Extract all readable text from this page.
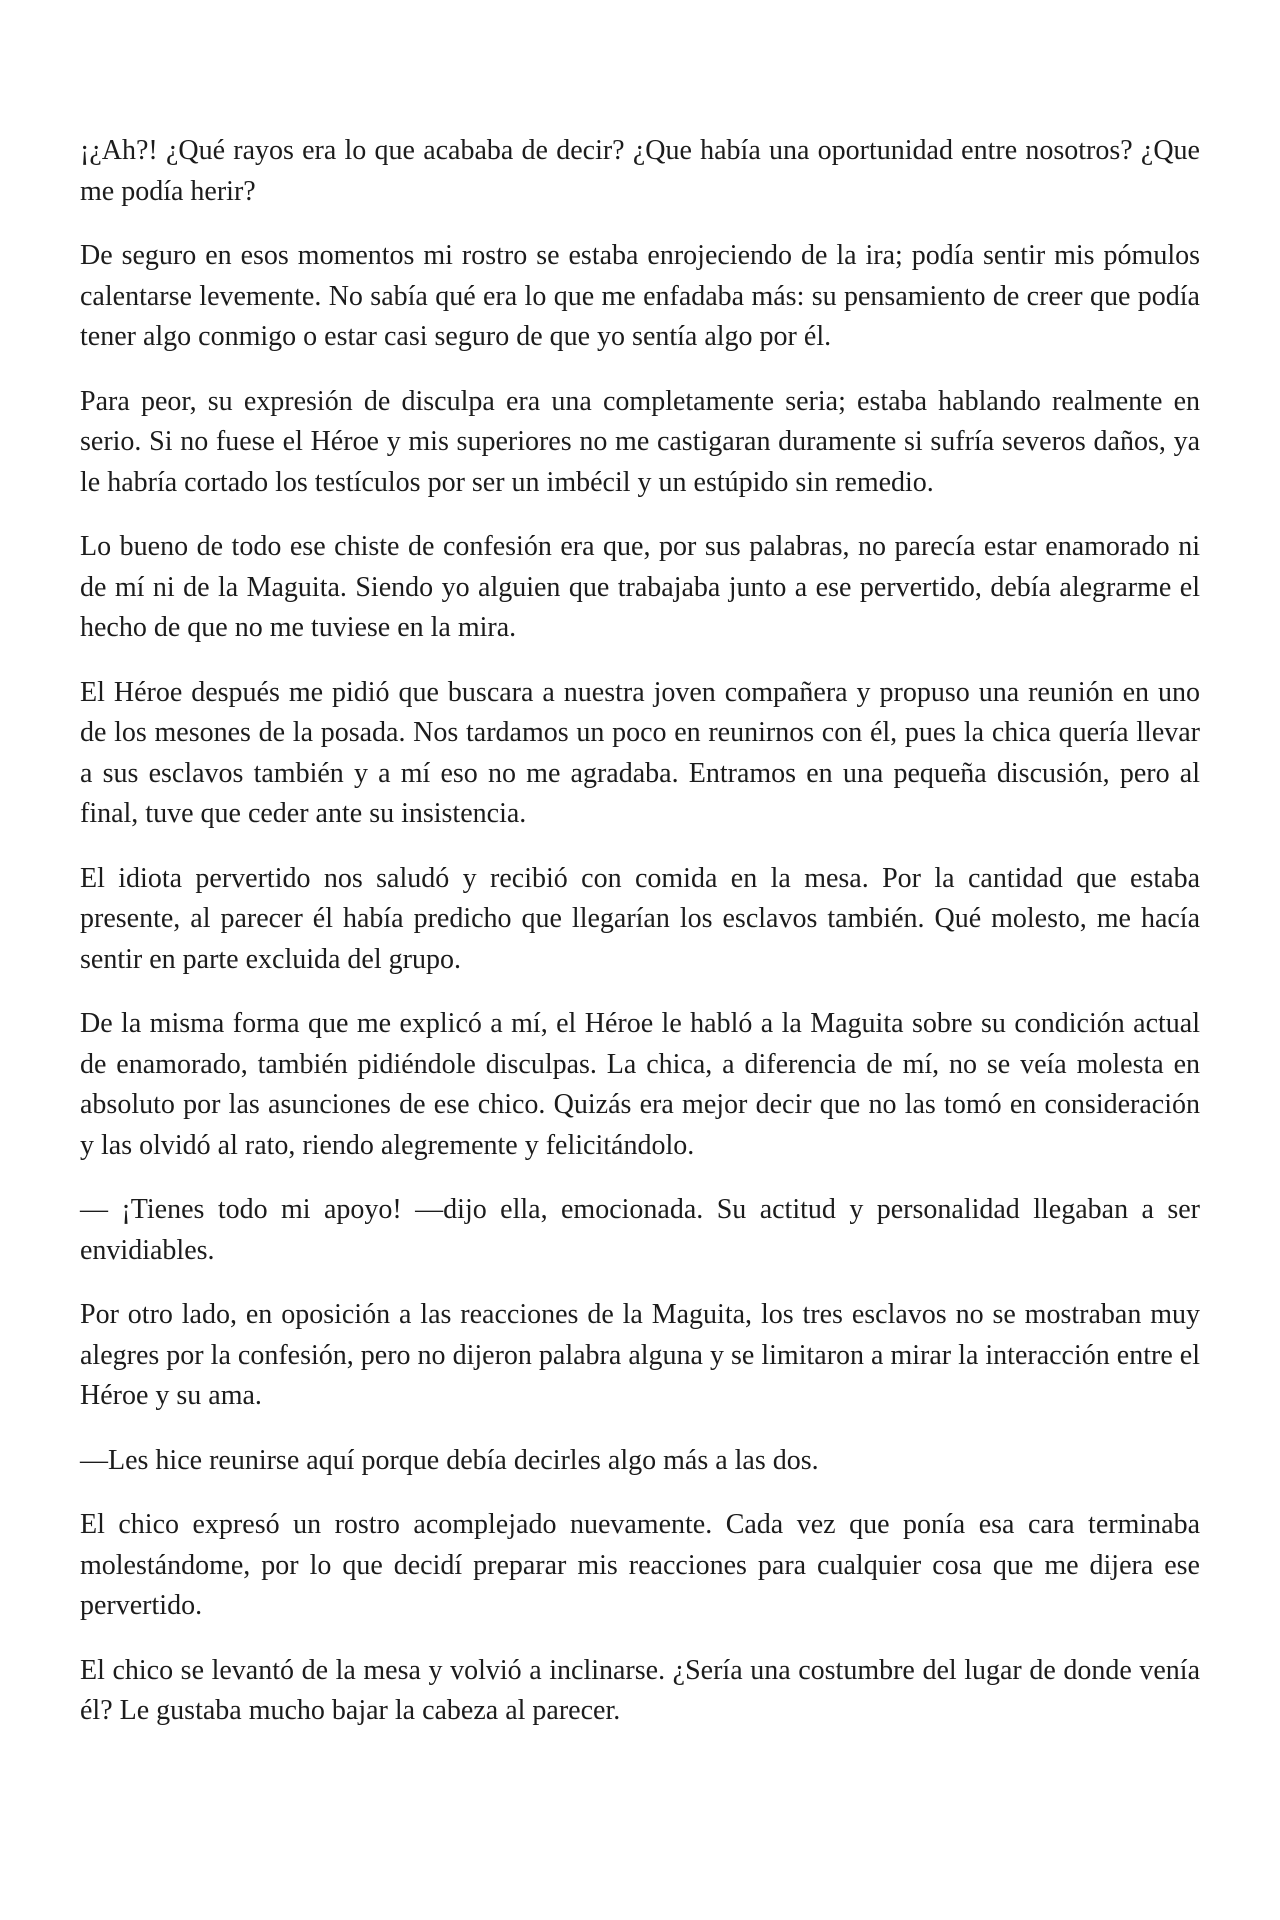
¡¿Ah?! ¿Qué rayos era lo que acababa de decir? ¿Que había una oportunidad entre nosotros? ¿Que me podía herir?

De seguro en esos momentos mi rostro se estaba enrojeciendo de la ira; podía sentir mis pómulos calentarse levemente. No sabía qué era lo que me enfadaba más: su pensamiento de creer que podía tener algo conmigo o estar casi seguro de que yo sentía algo por él.

Para peor, su expresión de disculpa era una completamente seria; estaba hablando realmente en serio. Si no fuese el Héroe y mis superiores no me castigaran duramente si sufría severos daños, ya le habría cortado los testículos por ser un imbécil y un estúpido sin remedio.

Lo bueno de todo ese chiste de confesión era que, por sus palabras, no parecía estar enamorado ni de mí ni de la Maguita. Siendo yo alguien que trabajaba junto a ese pervertido, debía alegrarme el hecho de que no me tuviese en la mira.

El Héroe después me pidió que buscara a nuestra joven compañera y propuso una reunión en uno de los mesones de la posada. Nos tardamos un poco en reunirnos con él, pues la chica quería llevar a sus esclavos también y a mí eso no me agradaba. Entramos en una pequeña discusión, pero al final, tuve que ceder ante su insistencia.

El idiota pervertido nos saludó y recibió con comida en la mesa. Por la cantidad que estaba presente, al parecer él había predicho que llegarían los esclavos también. Qué molesto, me hacía sentir en parte excluida del grupo.

De la misma forma que me explicó a mí, el Héroe le habló a la Maguita sobre su condición actual de enamorado, también pidiéndole disculpas. La chica, a diferencia de mí, no se veía molesta en absoluto por las asunciones de ese chico. Quizás era mejor decir que no las tomó en consideración y las olvidó al rato, riendo alegremente y felicitándolo.

— ¡Tienes todo mi apoyo! —dijo ella, emocionada. Su actitud y personalidad llegaban a ser envidiables.

Por otro lado, en oposición a las reacciones de la Maguita, los tres esclavos no se mostraban muy alegres por la confesión, pero no dijeron palabra alguna y se limitaron a mirar la interacción entre el Héroe y su ama.

—Les hice reunirse aquí porque debía decirles algo más a las dos.

El chico expresó un rostro acomplejado nuevamente. Cada vez que ponía esa cara terminaba molestándome, por lo que decidí preparar mis reacciones para cualquier cosa que me dijera ese pervertido.

El chico se levantó de la mesa y volvió a inclinarse. ¿Sería una costumbre del lugar de donde venía él? Le gustaba mucho bajar la cabeza al parecer.
